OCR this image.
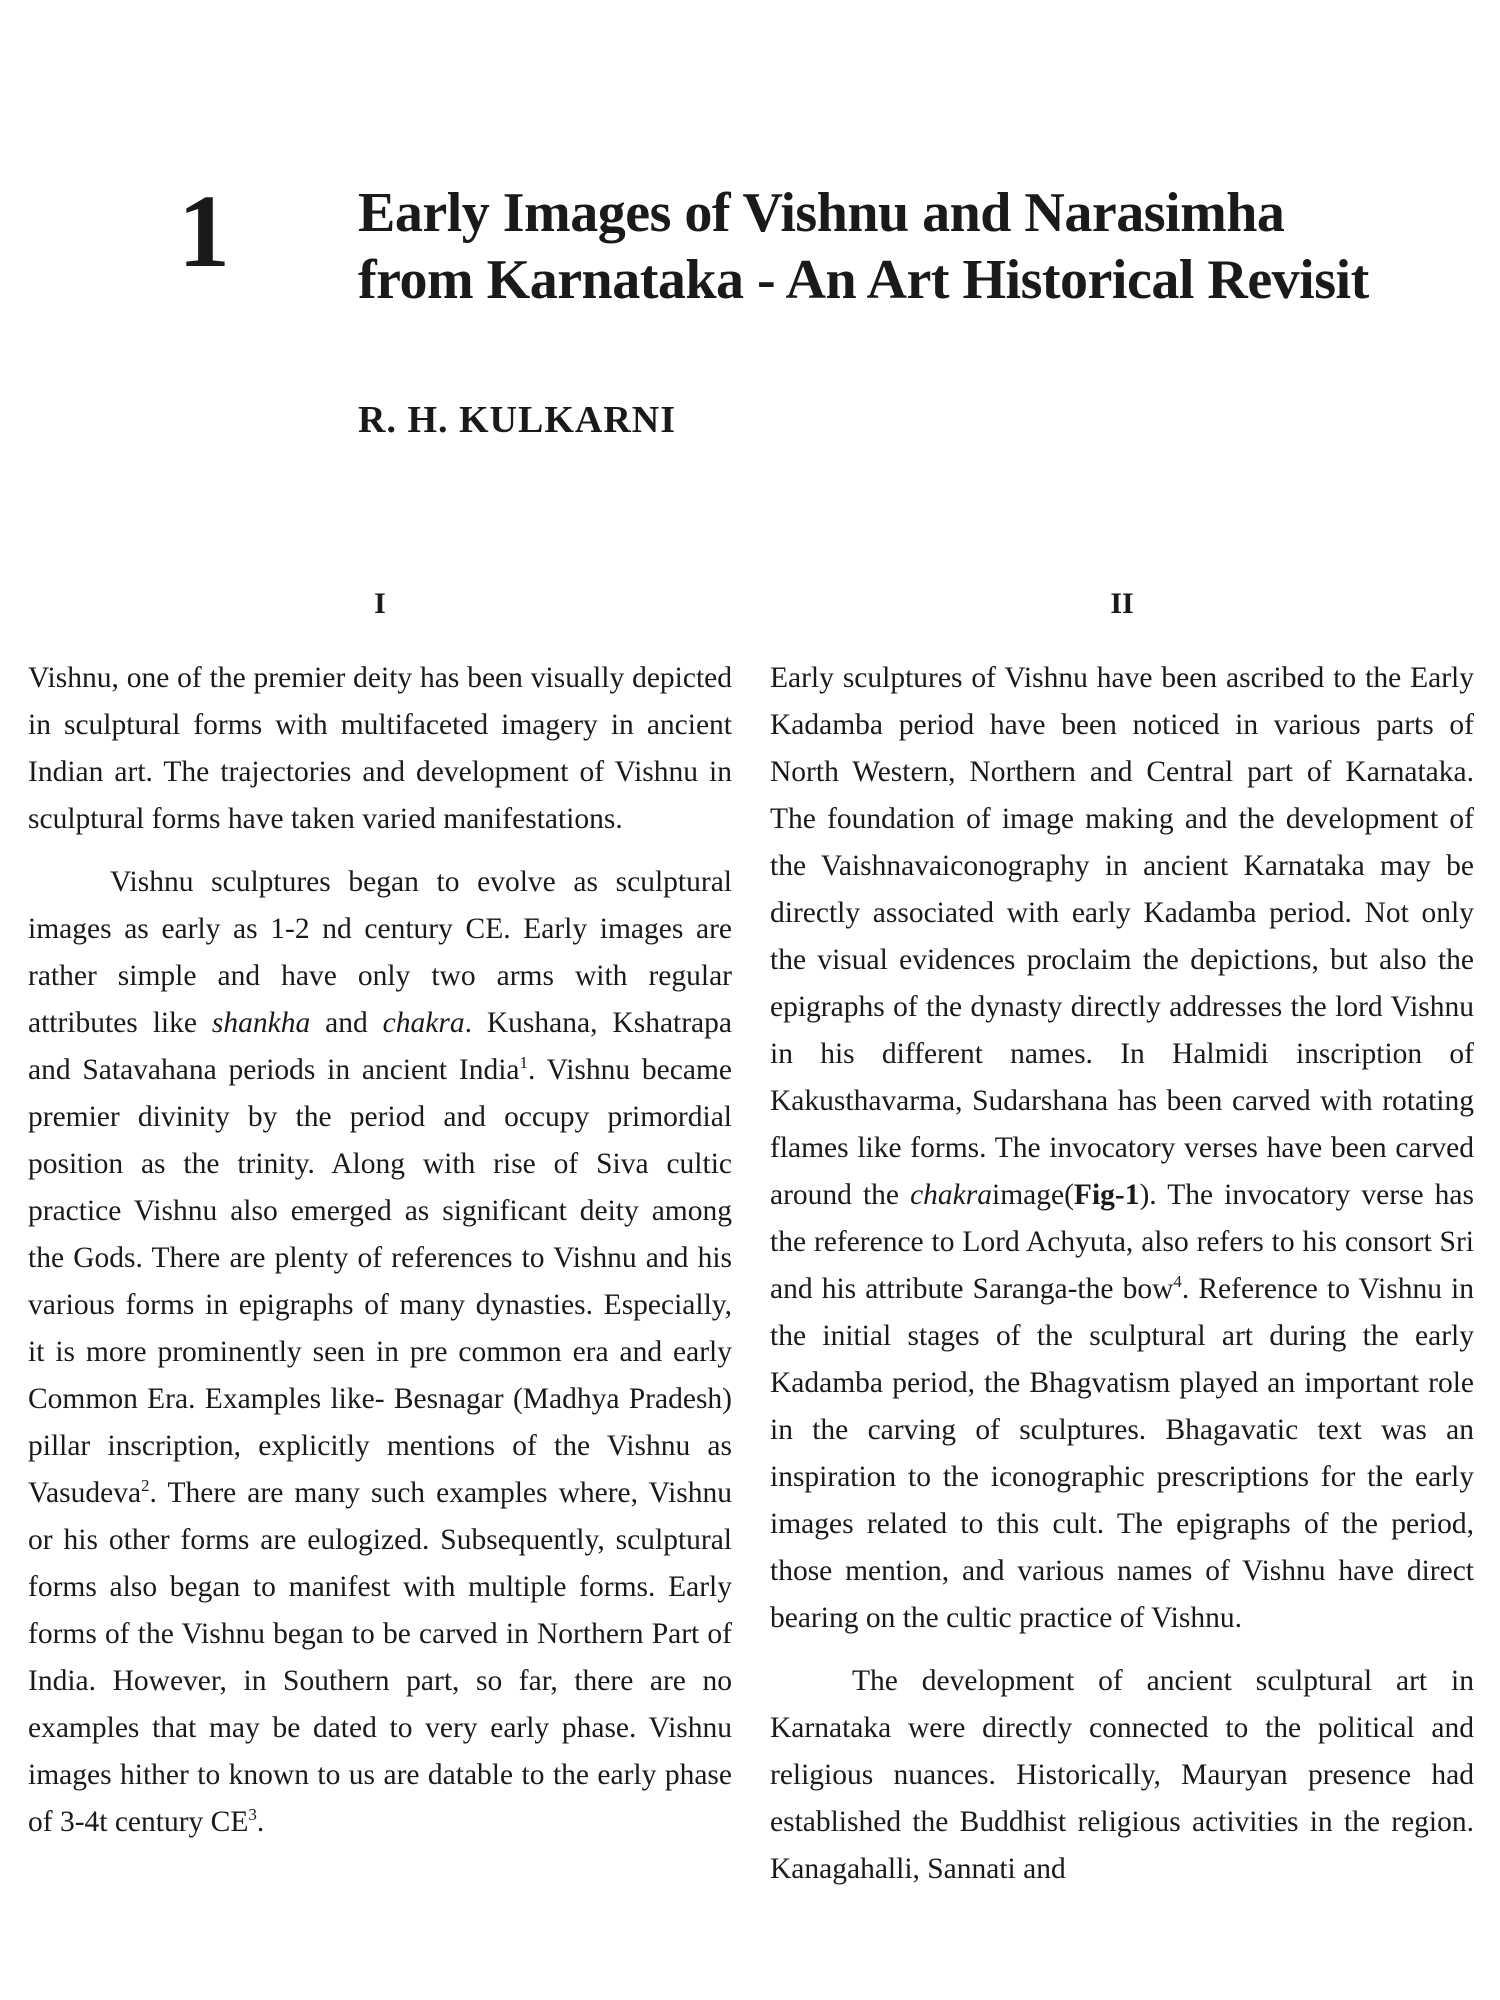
1 Early Images of Vishnu and Narasimha
from Karnataka - An Art Historical Revisit
R. H. KULKARNI
I

Vishnu, one of the premier deity has been visually depicted in sculptural forms with multifaceted imagery in ancient Indian art. The trajectories and development of Vishnu in sculptural forms have taken varied manifestations.

Vishnu sculptures began to evolve as sculptural images as early as 1-2 nd century CE. Early images are rather simple and have only two arms with regular attributes like shankha and chakra. Kushana, Kshatrapa and Satavahana periods in ancient India$^1$. Vishnu became premier divinity by the period and occupy primordial position as the trinity. Along with rise of Siva cultic practice Vishnu also emerged as significant deity among the Gods. There are plenty of references to Vishnu and his various forms in epigraphs of many dynasties. Especially, it is more prominently seen in pre common era and early Common Era. Examples like- Besnagar (Madhya Pradesh) pillar inscription, explicitly mentions of the Vishnu as Vasudeva$^2$. There are many such examples where, Vishnu or his other forms are eulogized. Subsequently, sculptural forms also began to manifest with multiple forms. Early forms of the Vishnu began to be carved in Northern Part of India. However, in Southern part, so far, there are no examples that may be dated to very early phase. Vishnu images hither to known to us are datable to the early phase of 3-4t century $CE^3$.

II

Early sculptures of Vishnu have been ascribed to the Early Kadamba period have been noticed in various parts of North Western, Northern and Central part of Karnataka. The foundation of image making and the development of the Vaishnavaiconography in ancient Karnataka may be directly associated with early Kadamba period. Not only the visual evidences proclaim the depictions, but also the epigraphs of the dynasty directly addresses the lord Vishnu in his different names. In Halmidi inscription of Kakusthavarma, Sudarshana has been carved with rotating flames like forms. The invocatory verses have been carved around the chakraimage(Fig-1). The invocatory verse has the reference to Lord Achyuta, also refers to his consort Sri and his attribute Saranga-the bow$^4$. Reference to Vishnu in the initial stages of the sculptural art during the early Kadamba period, the Bhagvatism played an important role in the carving of sculptures. Bhagavatic text was an inspiration to the iconographic prescriptions for the early images related to this cult. The epigraphs of the period, those mention, and various names of Vishnu have direct bearing on the cultic practice of Vishnu.

The development of ancient sculptural art in Karnataka were directly connected to the political and religious nuances. Historically, Mauryan presence had established the Buddhist religious activities in the region. Kanagahalli, Sannati and
